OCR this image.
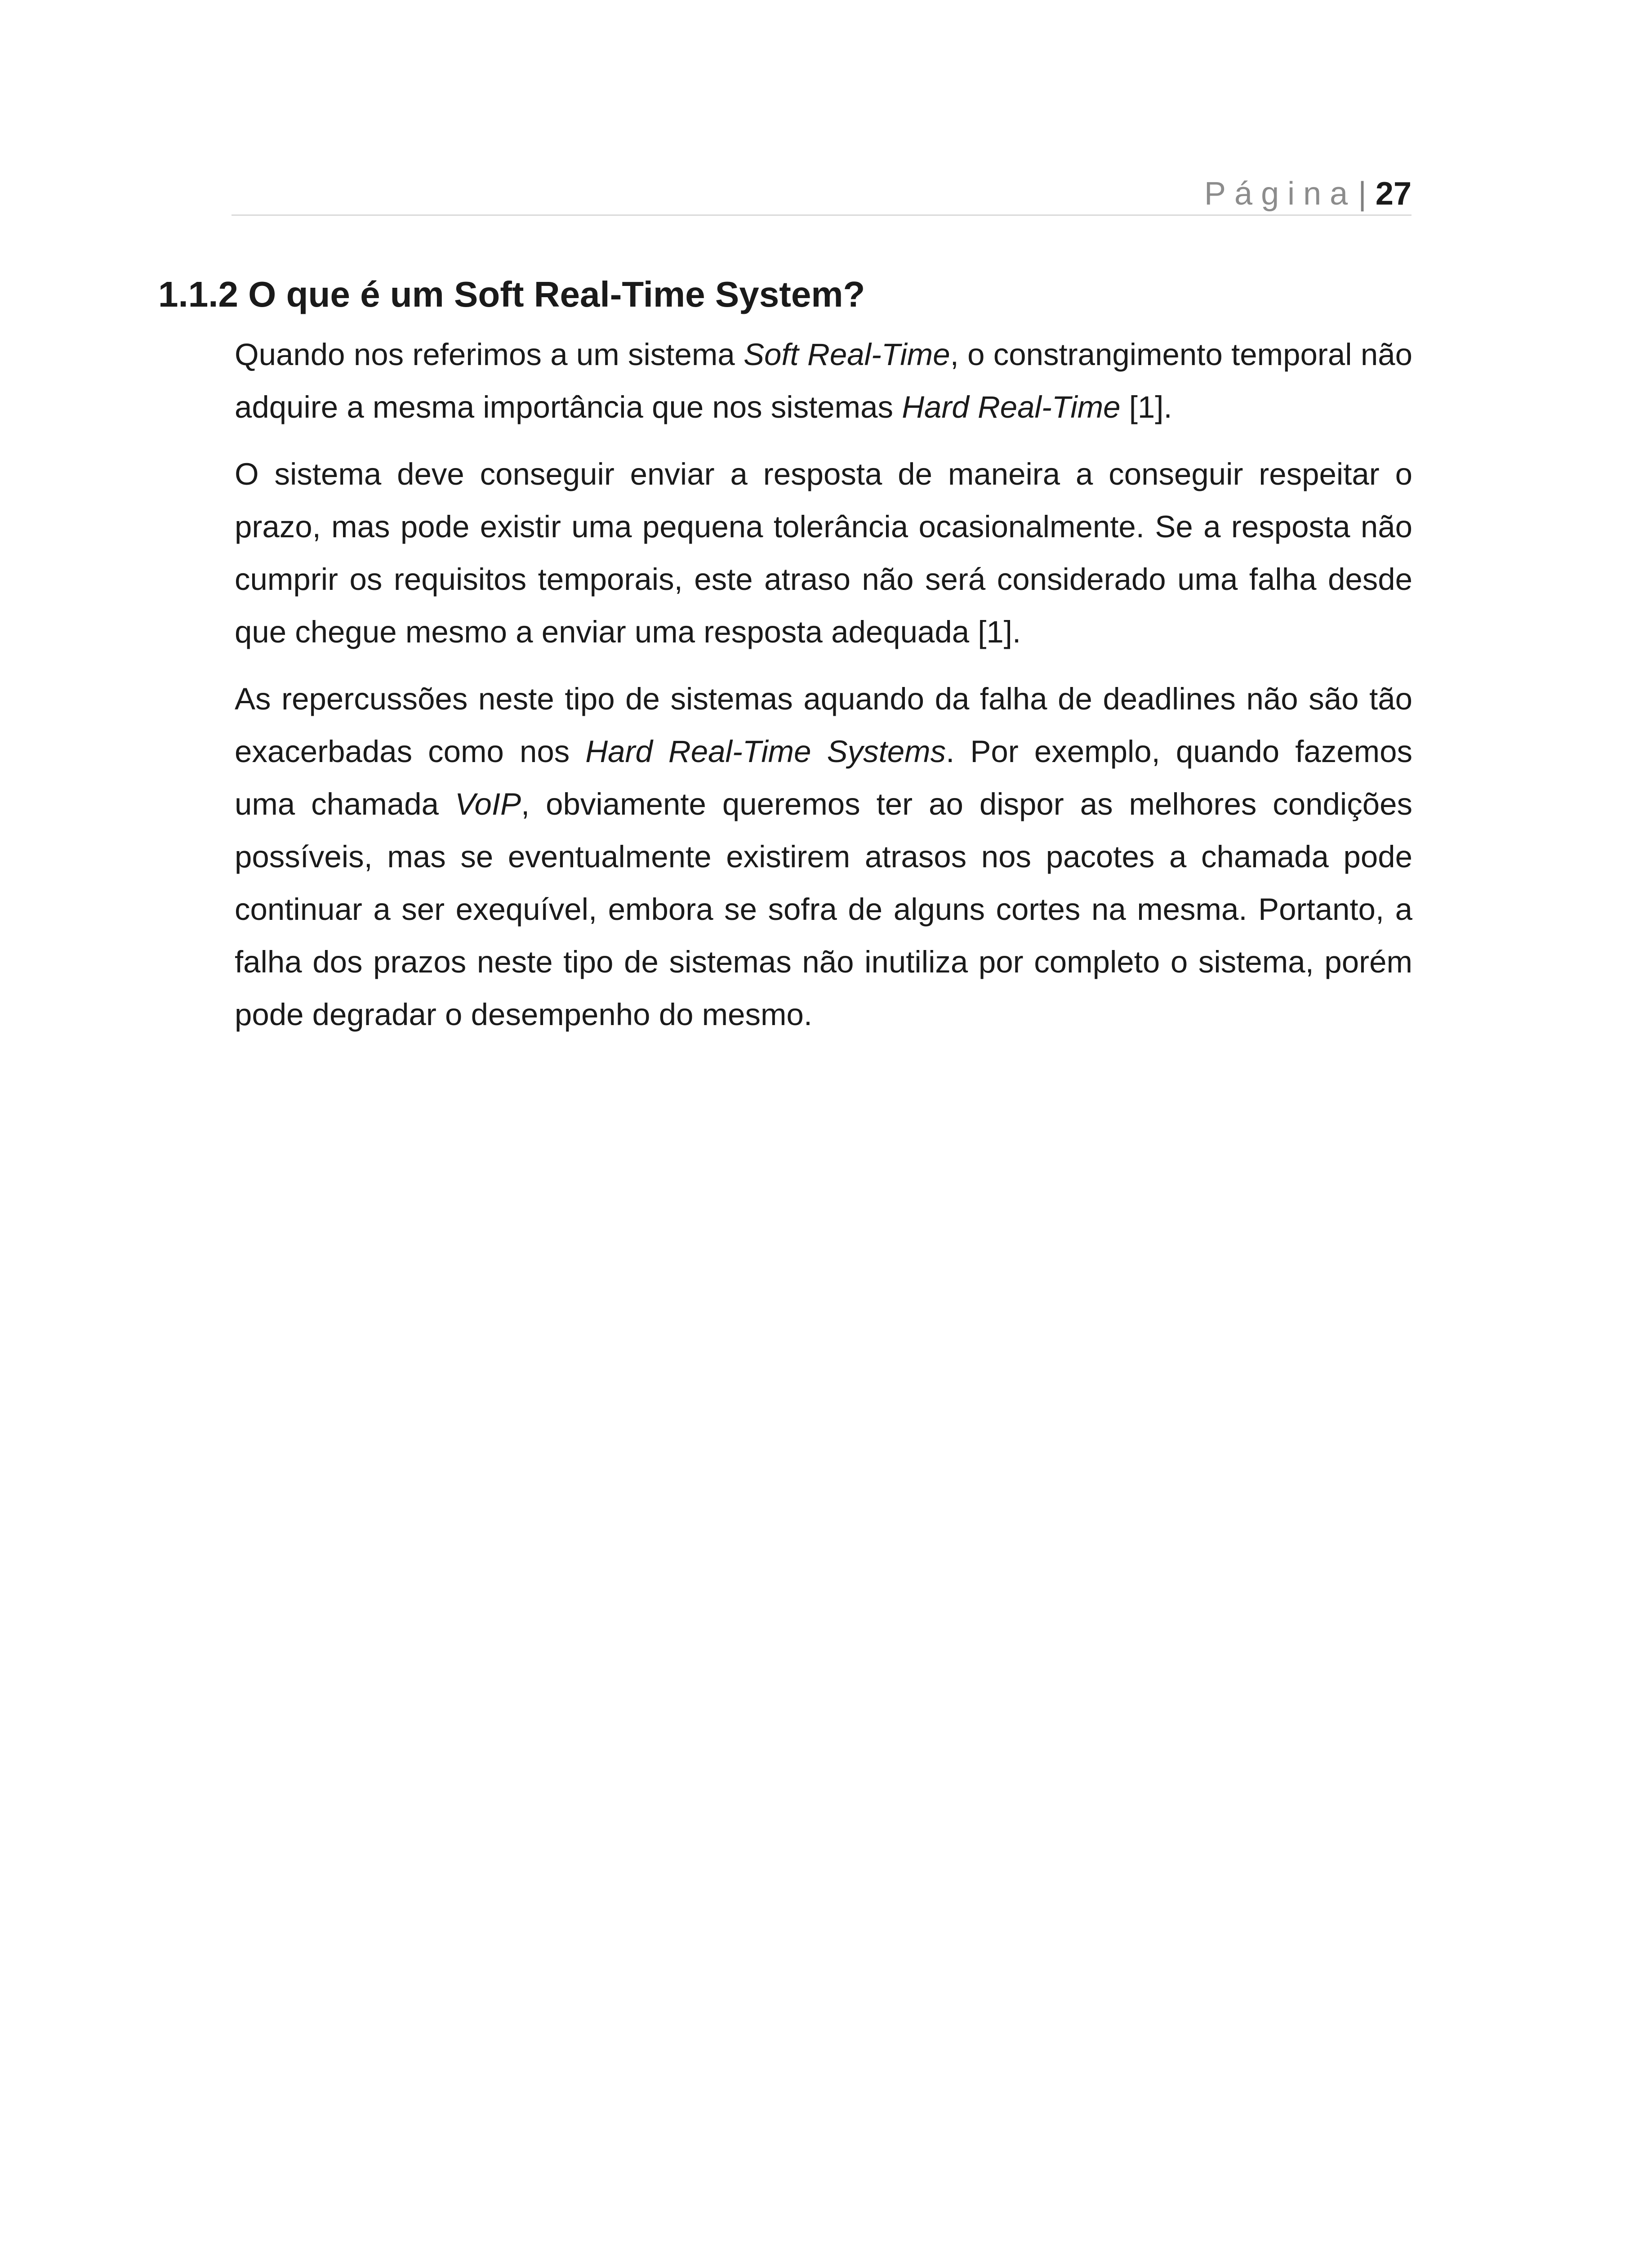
Página| 27
1.1.2 O que é um Soft Real-Time System?

Quando nos referimos a um sistema Soft Real-Time, o constrangimento temporal não adquire a mesma importância que nos sistemas Hard Real-Time [1].

O sistema deve conseguir enviar a resposta de maneira a conseguir respeitar o prazo, mas pode existir uma pequena tolerância ocasionalmente. Se a resposta não cumprir os requisitos temporais, este atraso não será considerado uma falha desde que chegue mesmo a enviar uma resposta adequada [1].

As repercussões neste tipo de sistemas aquando da falha de deadlines não são tão exacerbadas como nos Hard Real-Time Systems. Por exemplo, quando fazemos uma chamada VoIP, obviamente queremos ter ao dispor as melhores condições possíveis, mas se eventualmente existirem atrasos nos pacotes a chamada pode continuar a ser exequível, embora se sofra de alguns cortes na mesma. Portanto, a falha dos prazos neste tipo de sistemas não inutiliza por completo o sistema, porém pode degradar o desempenho do mesmo.
